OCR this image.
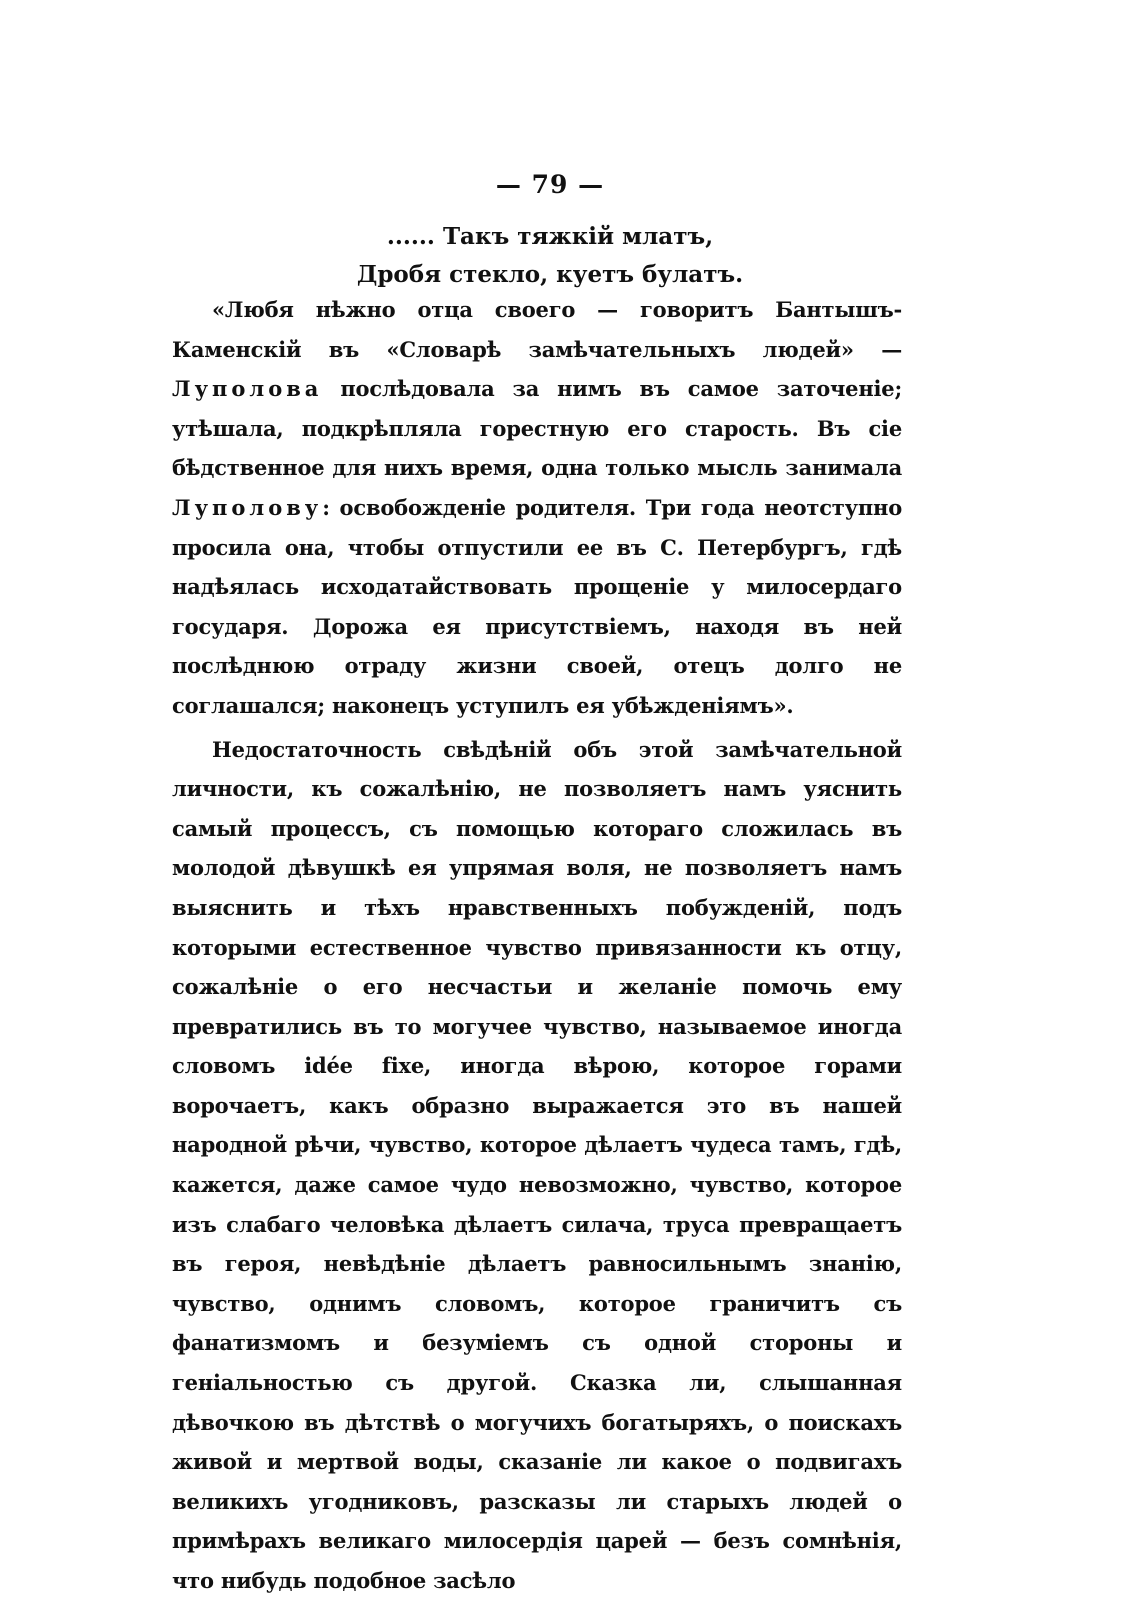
— 79 —
...... Такъ тяжкій млатъ,
Дробя стекло, куетъ булатъ.

«Любя нѣжно отца своего — говоритъ Бантышъ-Каменскій въ «Словарѣ замѣчательныхъ людей» — Луполова послѣдовала за нимъ въ самое заточеніе; утѣшала, подкрѣпляла горестную его старость. Въ сіе бѣдственное для нихъ время, одна только мысль занимала Луполову: освобожденіе родителя. Три года неотступно просила она, чтобы отпустили ее въ С. Петербургъ, гдѣ надѣялась исходатайствовать прощеніе у милосердаго государя. Дорожа ея присутствіемъ, находя въ ней послѣднюю отраду жизни своей, отецъ долго не соглашался; наконецъ уступилъ ея убѣжденіямъ».

Недостаточность свѣдѣній объ этой замѣчательной личности, къ сожалѣнію, не позволяетъ намъ уяснить самый процессъ, съ помощью котораго сложилась въ молодой дѣвушкѣ ея упрямая воля, не позволяетъ намъ выяснить и тѣхъ нравственныхъ побужденій, подъ которыми естественное чувство привязанности къ отцу, сожалѣніе о его несчастьи и желаніе помочь ему превратились въ то могучее чувство, называемое иногда словомъ idée fixe, иногда вѣрою, которое горами ворочаетъ, какъ образно выражается это въ нашей народной рѣчи, чувство, которое дѣлаетъ чудеса тамъ, гдѣ, кажется, даже самое чудо невозможно, чувство, которое изъ слабаго человѣка дѣлаетъ силача, труса превращаетъ въ героя, невѣдѣніе дѣлаетъ равносильнымъ знанію, чувство, однимъ словомъ, которое граничитъ съ фанатизмомъ и безуміемъ съ одной стороны и геніальностью съ другой. Сказка ли, слышанная дѣвочкою въ дѣтствѣ о могучихъ богатыряхъ, о поискахъ живой и мертвой воды, сказаніе ли какое о подвигахъ великихъ угодниковъ, разсказы ли старыхъ людей о примѣрахъ великаго милосердія царей — безъ сомнѣнія, что нибудь подобное засѣло
